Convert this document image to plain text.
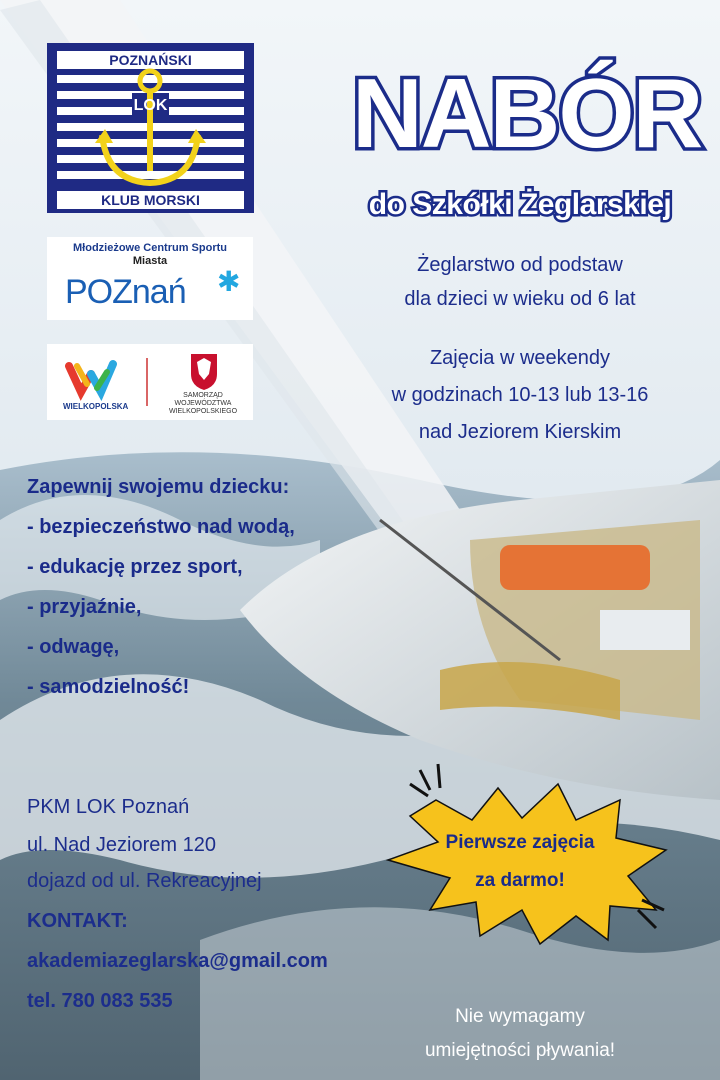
POZNAŃSKI
LOK
KLUB MORSKI
Młodzieżowe Centrum Sportu
Miasta
POZnań ✱
WIELKOPOLSKA
SAMORZĄD
WOJEWÓDZTWA
WIELKOPOLSKIEGO
NABÓR
do Szkółki Żeglarskiej
Żeglarstwo od podstaw
dla dzieci w wieku od 6 lat
Zajęcia w weekendy
w godzinach 10-13 lub 13-16
nad Jeziorem Kierskim
Zapewnij swojemu dziecku:
- bezpieczeństwo nad wodą,
- edukację przez sport,
- przyjaźnie,
- odwagę,
- samodzielność!
PKM LOK Poznań
ul. Nad Jeziorem 120
dojazd od ul. Rekreacyjnej
KONTAKT:
akademiazeglarska@gmail.com
tel. 780 083 535
Pierwsze zajęcia
za darmo!
Nie wymagamy
umiejętności pływania!
